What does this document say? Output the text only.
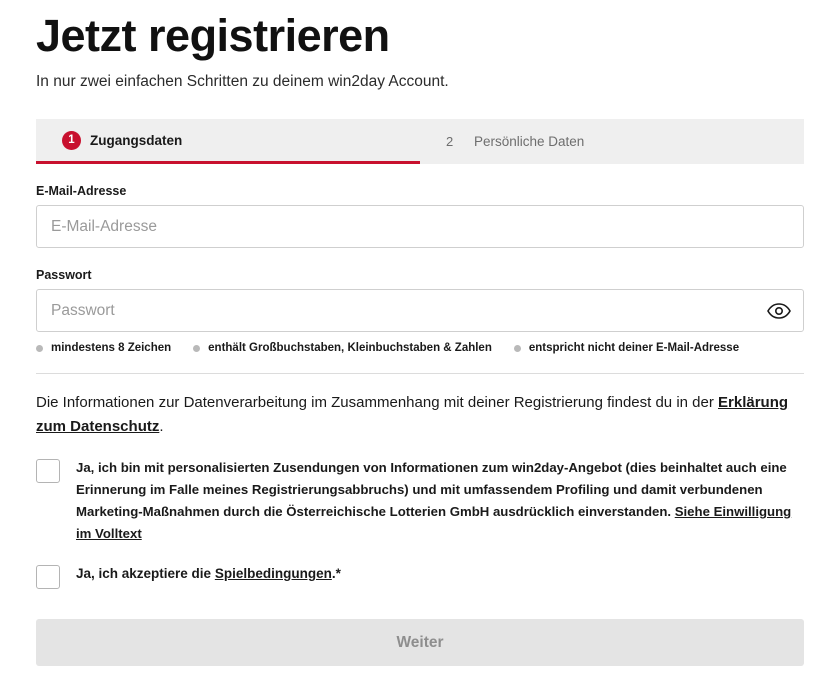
Jetzt registrieren

In nur zwei einfachen Schritten zu deinem win2day Account.

1	Zugangsdaten	2	Persönliche Daten
E-Mail-Adresse
E-Mail-Adresse
Passwort
Passwort
mindestens 8 Zeichen	enthält Großbuchstaben, Kleinbuchstaben & Zahlen	entspricht nicht deiner E-Mail-Adresse

Die Informationen zur Datenverarbeitung im Zusammenhang mit deiner Registrierung findest du in der Erklärung zum Datenschutz.

Ja, ich bin mit personalisierten Zusendungen von Informationen zum win2day-Angebot (dies beinhaltet auch eine Erinnerung im Falle meines Registrierungsabbruchs) und mit umfassendem Profiling und damit verbundenen Marketing-Maßnahmen durch die Österreichische Lotterien GmbH ausdrücklich einverstanden. Siehe Einwilligung im Volltext
Ja, ich akzeptiere die Spielbedingungen.*
Weiter
